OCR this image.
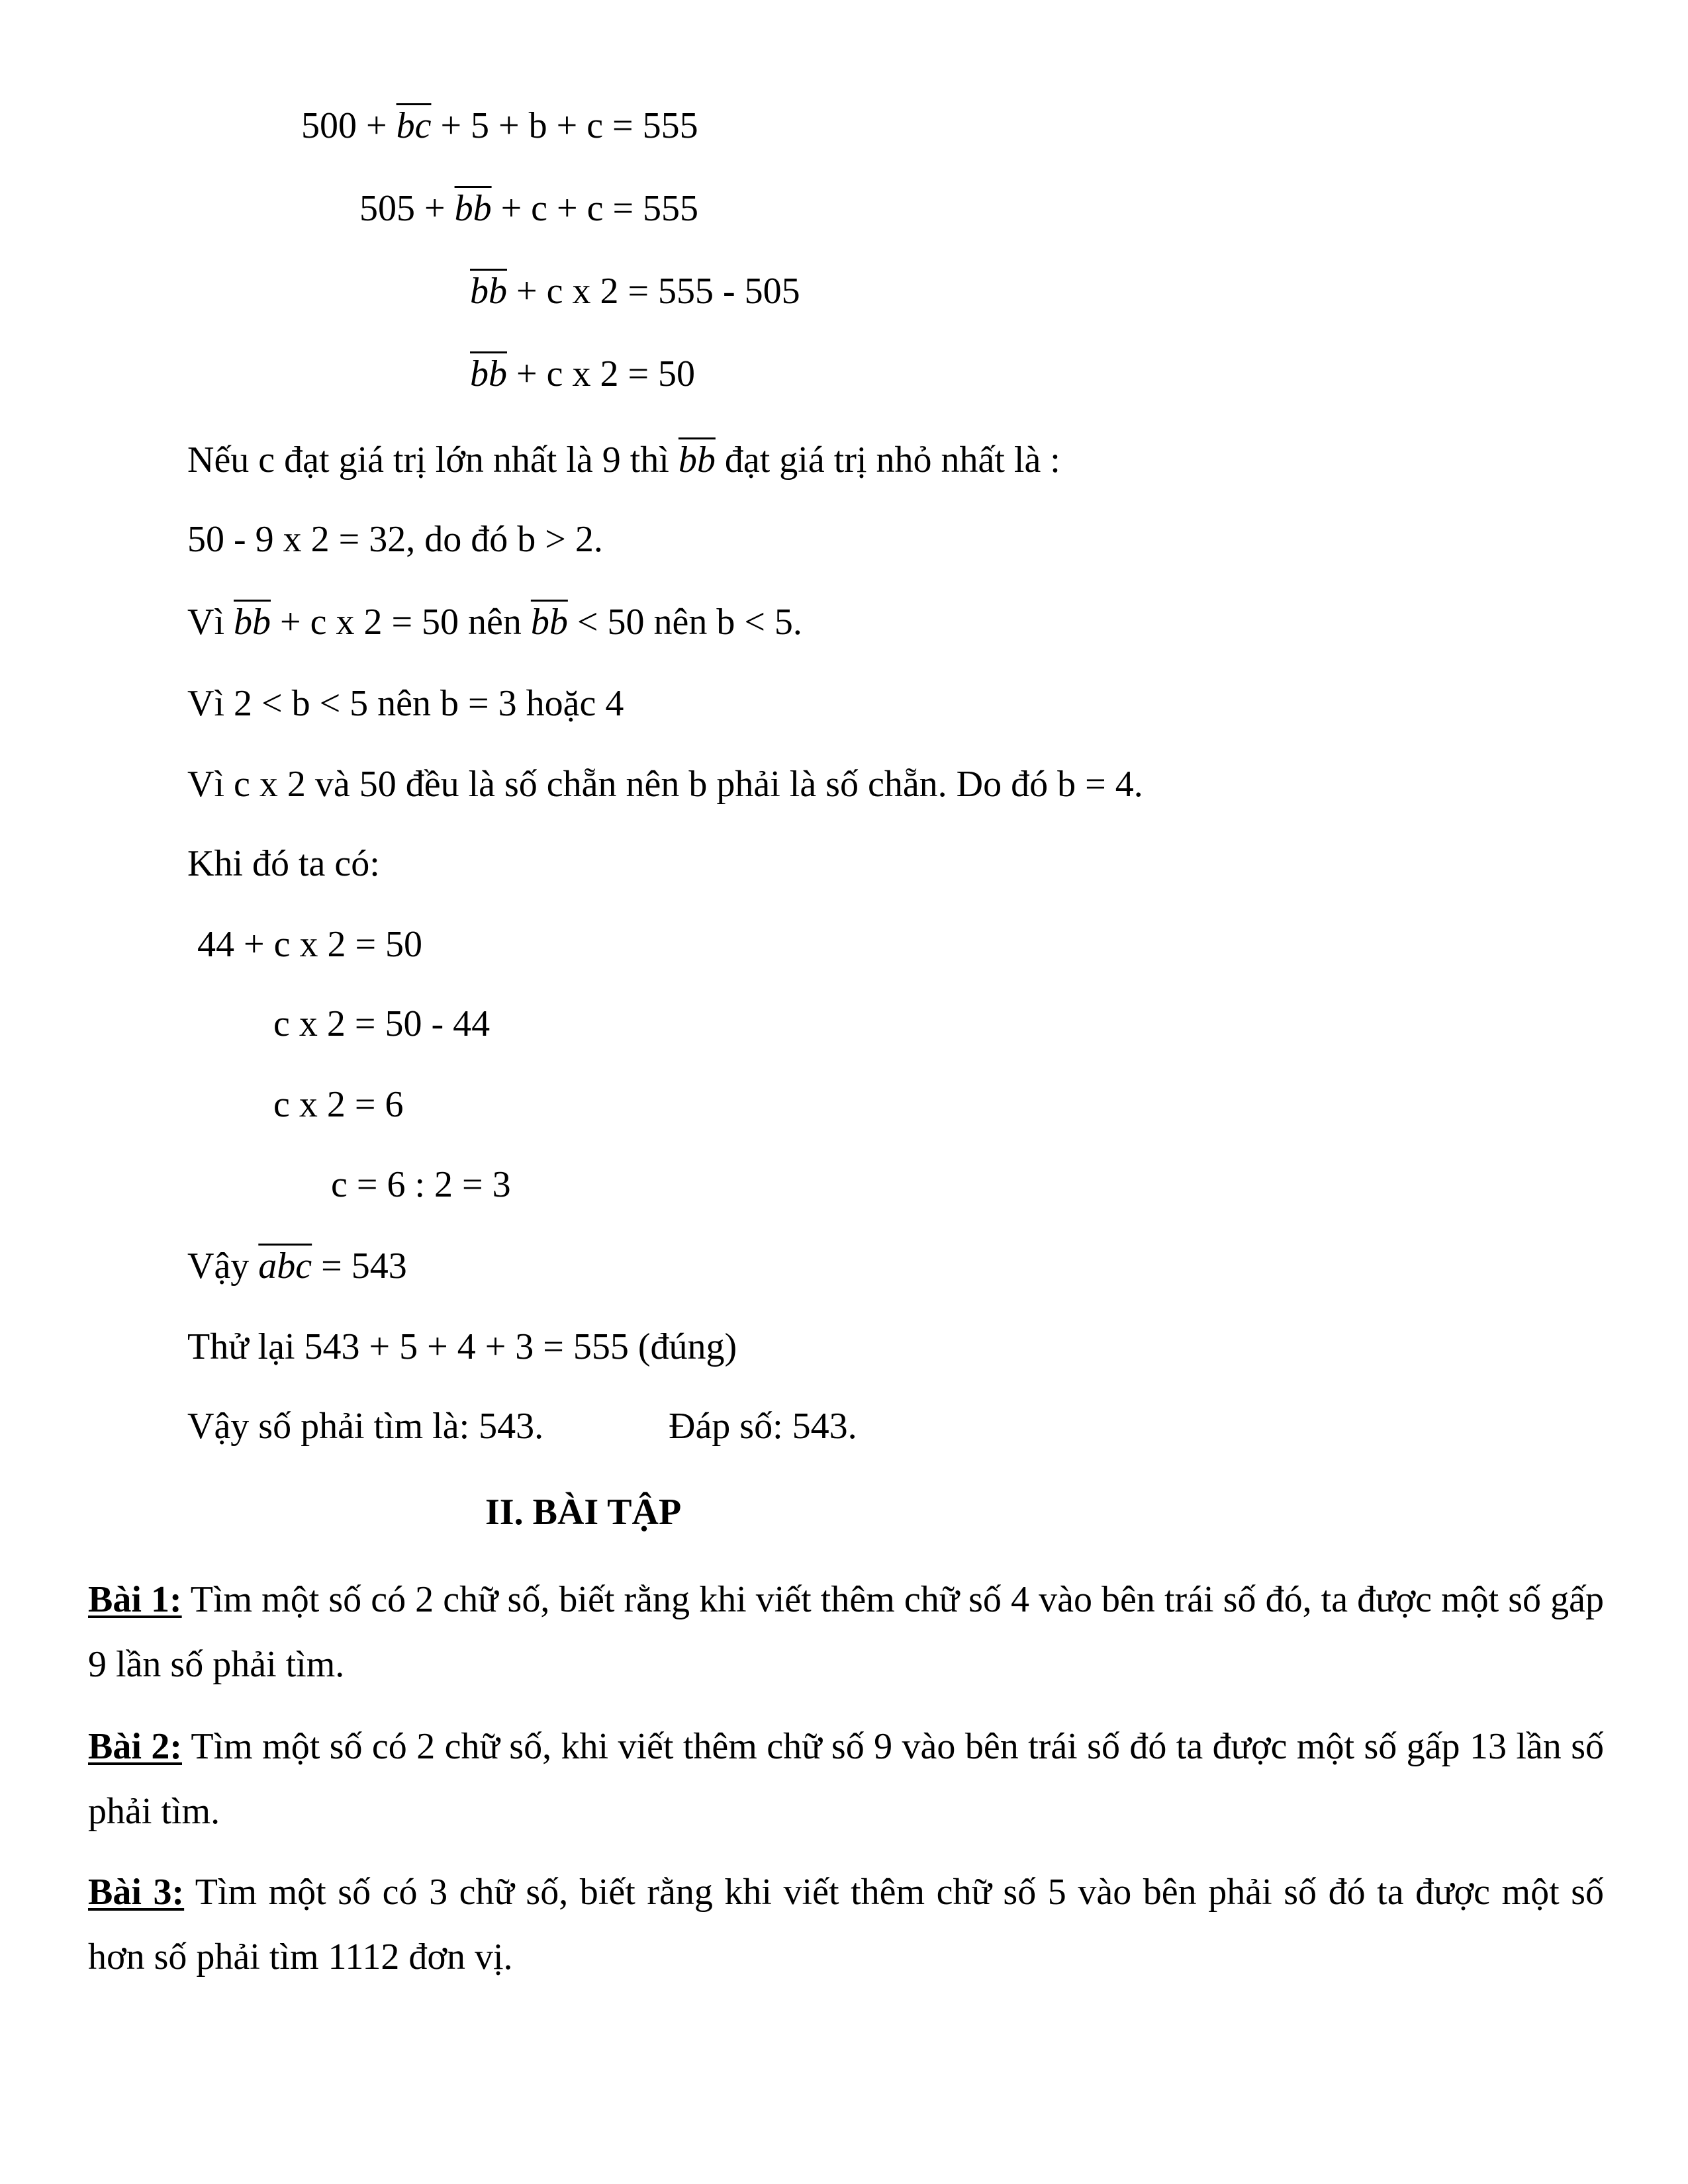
$500 + \overline{bc} + 5 + b + c = 555$
$505 + \overline{bb} + c + c = 555$
$\overline{bb} + c$ x 2 = 555 - 505
$\overline{bb} + c$ x 2 = 50
Nếu c đạt giá trị lớn nhất là 9 thì $\overline{bb}$ đạt giá trị nhỏ nhất là :
50 - 9 x 2 = 32, do đó b > 2.
Vì $\overline{bb} + c$ x 2 = 50 nên $\overline{bb} < 50$ nên b < 5.
Vì 2 < b < 5 nên b = 3 hoặc 4
Vì c x 2 và 50 đều là số chẵn nên b phải là số chẵn. Do đó b = 4.
Khi đó ta có:
44 + c x 2 = 50
c x 2 = 50 - 44
c x 2 = 6
c = 6 : 2 = 3
Vậy $\overline{abc} = 543$
Thử lại 543 + 5 + 4 + 3 = 555 (đúng)
Vậy số phải tìm là: 543.	Đáp số: 543.
II. BÀI TẬP
Bài 1: Tìm một số có 2 chữ số, biết rằng khi viết thêm chữ số 4 vào bên trái số đó, ta được một số gấp 9 lần số phải tìm.
Bài 2: Tìm một số có 2 chữ số, khi viết thêm chữ số 9 vào bên trái số đó ta được một số gấp 13 lần số phải tìm.
Bài 3: Tìm một số có 3 chữ số, biết rằng khi viết thêm chữ số 5 vào bên phải số đó ta được một số hơn số phải tìm 1112 đơn vị.
